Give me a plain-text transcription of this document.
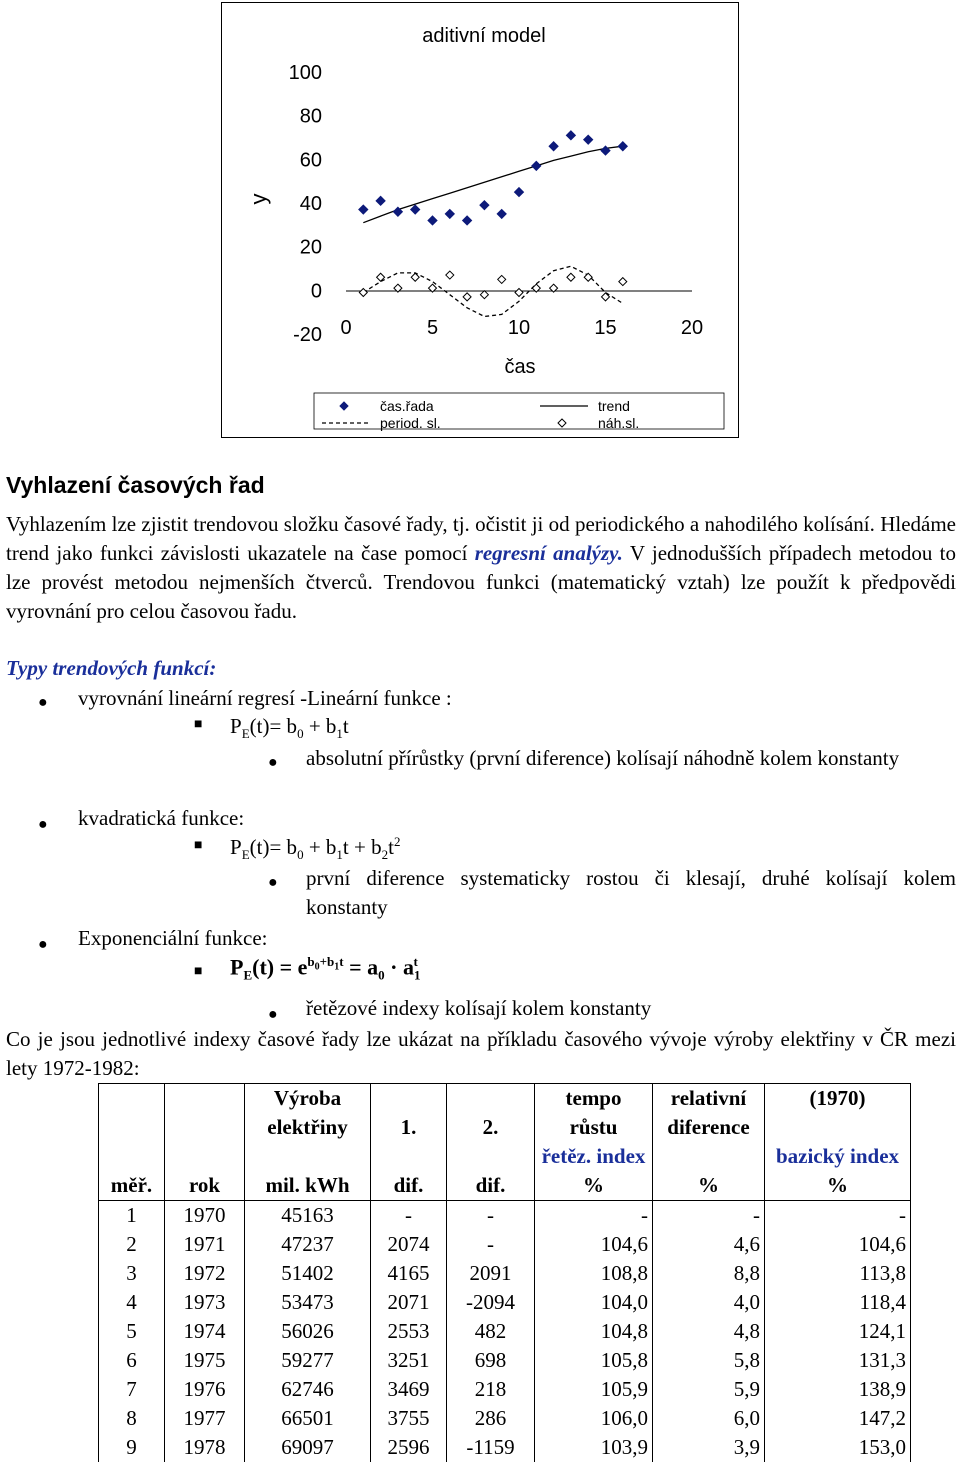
aditivní model
y
čas
100
80
60
40
20
0
-20 0	5	10	15	20
čas.řada	trend
period. sl.	náh.sl.
Vyhlazení časových řad
Vyhlazením lze zjistit trendovou složku časové řady, tj. očistit ji od periodického a nahodilého kolísání. Hledáme trend jako funkci závislosti ukazatele na čase pomocí regresní analýzy. V jednodušších případech metodou to lze provést metodou nejmenších čtverců. Trendovou funkci (matematický vztah) lze použít k předpovědi vyrovnání pro celou časovou řadu.
Typy trendových funkcí:
● vyrovnání lineární regresí -Lineární funkce :
■ $P_E(t)= b_0 + b_1t$
● absolutní přírůstky (první diference) kolísají náhodně kolem konstanty
● kvadratická funkce:
■ $P_E(t)= b_0 + b_1t + b_2t^2$
● první diference systematicky rostou či klesají, druhé kolísají kolem konstanty
● Exponenciální funkce:
■ $P_E(t) = e^{b_0+b_1t} = a_0 \cdot a_1^t$
● řetězové indexy kolísají kolem konstanty
Co je jsou jednotlivé indexy časové řady lze ukázat na příkladu časového vývoje výroby elektřiny v ČR mezi lety 1972-1982:
		Výroba			tempo	relativní	(1970)
		elektřiny	1.	2.	růstu	diference	
					řetěz. index		bazický index
měř.	rok	mil. kWh	dif.	dif.	%	%	%
1	1970	45163	-	-	-	-	-
2	1971	47237	2074	-	104,6	4,6	104,6
3	1972	51402	4165	2091	108,8	8,8	113,8
4	1973	53473	2071	-2094	104,0	4,0	118,4
5	1974	56026	2553	482	104,8	4,8	124,1
6	1975	59277	3251	698	105,8	5,8	131,3
7	1976	62746	3469	218	105,9	5,9	138,9
8	1977	66501	3755	286	106,0	6,0	147,2
9	1978	69097	2596	-1159	103,9	3,9	153,0
